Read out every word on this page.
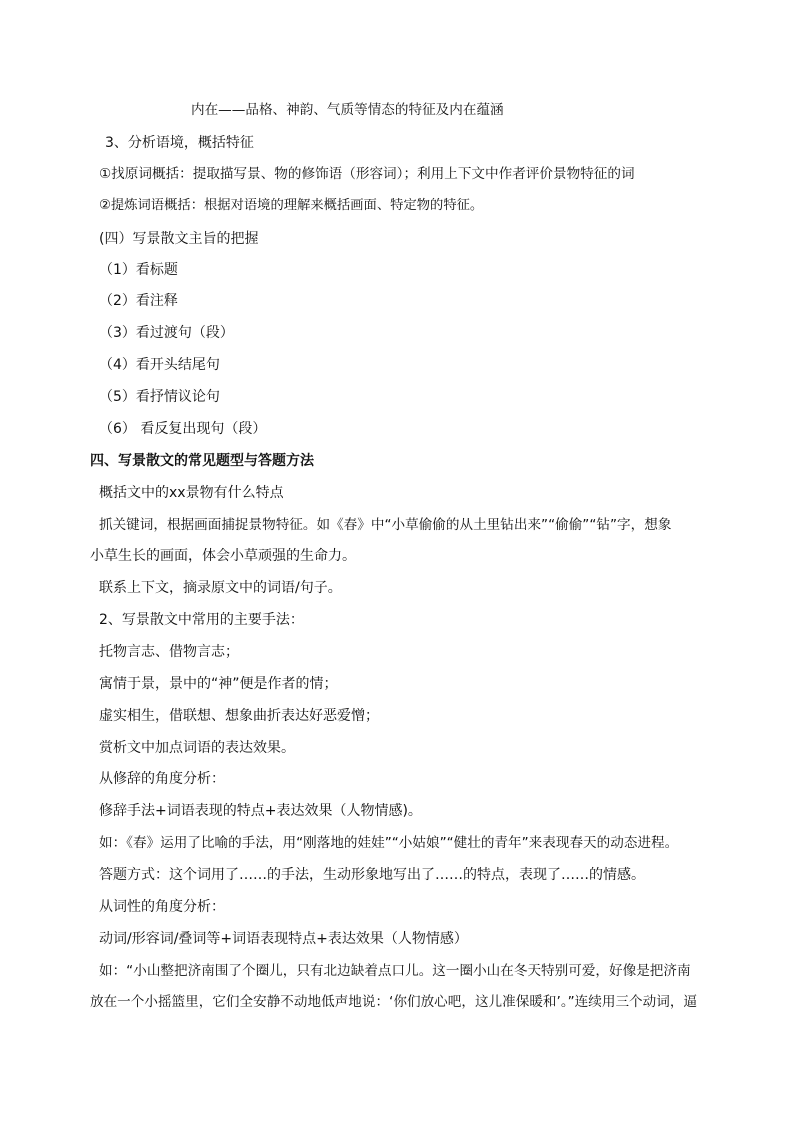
内在——品格、神韵、气质等情态的特征及内在蕴涵
3、分析语境，概括特征
①找原词概括：提取描写景、物的修饰语（形容词）；利用上下文中作者评价景物特征的词
②提炼词语概括：根据对语境的理解来概括画面、特定物的特征。
(四）写景散文主旨的把握
（1）看标题
（2）看注释
（3）看过渡句（段）
（4）看开头结尾句
（5）看抒情议论句
（6） 看反复出现句（段）
四、写景散文的常见题型与答题方法
概括文中的xx景物有什么特点
抓关键词，根据画面捕捉景物特征。如《春》中“小草偷偷的从土里钻出来”“偷偷”“钻”字，想象
小草生长的画面，体会小草顽强的生命力。
联系上下文，摘录原文中的词语/句子。
2、写景散文中常用的主要手法：
托物言志、借物言志；
寓情于景，景中的“神”便是作者的情；
虚实相生，借联想、想象曲折表达好恶爱憎；
赏析文中加点词语的表达效果。
从修辞的角度分析：
修辞手法+词语表现的特点+表达效果（人物情感)。
如：《春》运用了比喻的手法，用“刚落地的娃娃”“小姑娘”“健壮的青年”来表现春天的动态进程。
答题方式：这个词用了……的手法，生动形象地写出了……的特点，表现了……的情感。
从词性的角度分析：
动词/形容词/叠词等+词语表现特点+表达效果（人物情感）
如：“小山整把济南围了个圈儿，只有北边缺着点口儿。这一圈小山在冬天特别可爱，好像是把济南
放在一个小摇篮里，它们全安静不动地低声地说：‘你们放心吧，这儿准保暖和’。”连续用三个动词，逼
